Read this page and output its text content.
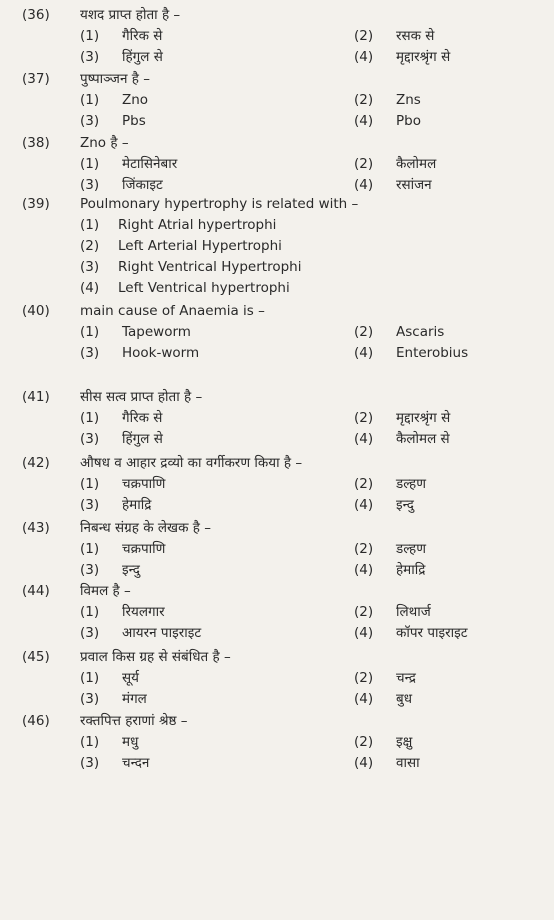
(36) यशद प्राप्त होता है –
(1) गैरिक से	(2) रसक से
(3) हिंगुल से	(4) मृद्दारश्रृंग से
(37) पुष्पाञ्जन है –
(1) Zno	(2) Zns
(3) Pbs	(4) Pbo
(38) Zno है –
(1) मेटासिनेबार	(2) कैलोमल
(3) जिंकाइट	(4) रसांजन
(39) Poulmonary hypertrophy is related with –
(1) Right Atrial hypertrophi
(2) Left Arterial Hypertrophi
(3) Right Ventrical Hypertrophi
(4) Left Ventrical hypertrophi
(40) main cause of Anaemia is –
(1) Tapeworm	(2) Ascaris
(3) Hook-worm	(4) Enterobius
(41) सीस सत्व प्राप्त होता है –
(1) गैरिक से	(2) मृद्दारश्रृंग से
(3) हिंगुल से	(4) कैलोमल से
(42) औषध व आहार द्रव्यो का वर्गीकरण किया है –
(1) चक्रपाणि	(2) डल्हण
(3) हेमाद्रि	(4) इन्दु
(43) निबन्ध संग्रह के लेखक है –
(1) चक्रपाणि	(2) डल्हण
(3) इन्दु	(4) हेमाद्रि
(44) विमल है –
(1) रियलगार	(2) लिथार्ज
(3) आयरन पाइराइट	(4) कॉपर पाइराइट
(45) प्रवाल किस ग्रह से संबंधित है –
(1) सूर्य	(2) चन्द्र
(3) मंगल	(4) बुध
(46) रक्तपित्त हराणां श्रेष्ठ –
(1) मधु	(2) इक्षु
(3) चन्दन	(4) वासा
